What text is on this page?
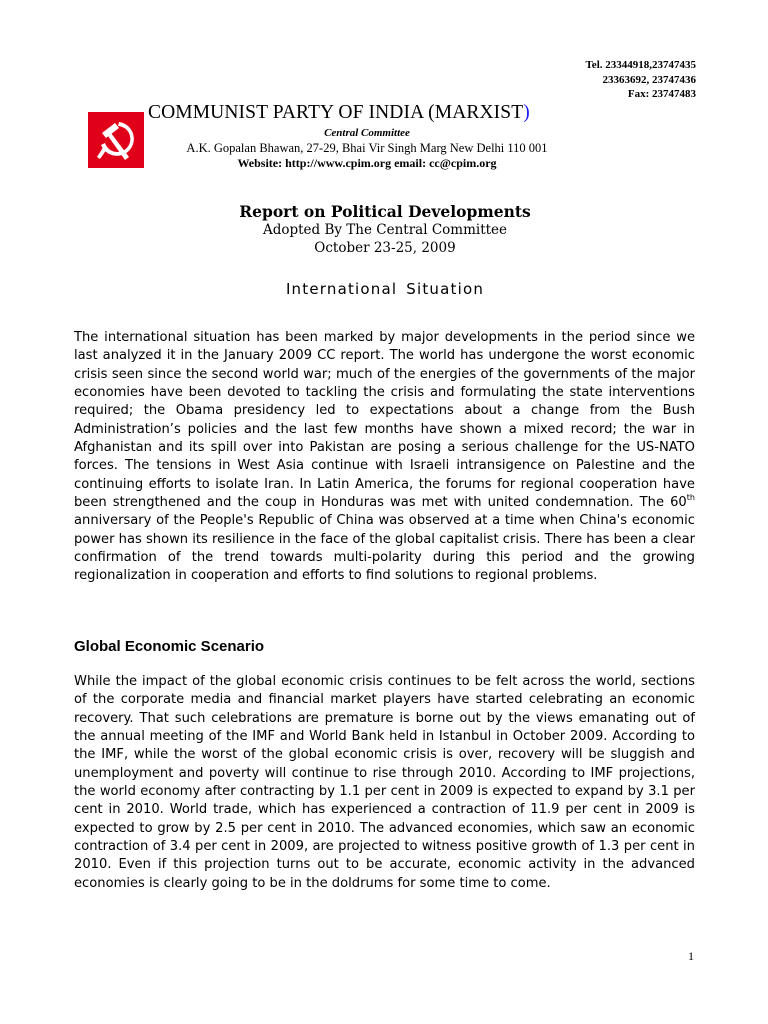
Tel. 23344918,23747435
23363692, 23747436
Fax: 23747483
COMMUNIST PARTY OF INDIA (MARXIST)
Central Committee
A.K. Gopalan Bhawan, 27-29, Bhai Vir Singh Marg New Delhi 110 001
Website: http://www.cpim.org email: cc@cpim.org
Report on Political Developments
Adopted By The Central Committee
October 23-25, 2009
International Situation

The international situation has been marked by major developments in the period since we last analyzed it in the January 2009 CC report. The world has undergone the worst economic crisis seen since the second world war; much of the energies of the governments of the major economies have been devoted to tackling the crisis and formulating the state interventions required; the Obama presidency led to expectations about a change from the Bush Administration’s policies and the last few months have shown a mixed record; the war in Afghanistan and its spill over into Pakistan are posing a serious challenge for the US-NATO forces. The tensions in West Asia continue with Israeli intransigence on Palestine and the continuing efforts to isolate Iran. In Latin America, the forums for regional cooperation have been strengthened and the coup in Honduras was met with united condemnation. The 60th anniversary of the People's Republic of China was observed at a time when China's economic power has shown its resilience in the face of the global capitalist crisis. There has been a clear confirmation of the trend towards multi-polarity during this period and the growing regionalization in cooperation and efforts to find solutions to regional problems.

Global Economic Scenario

While the impact of the global economic crisis continues to be felt across the world, sections of the corporate media and financial market players have started celebrating an economic recovery. That such celebrations are premature is borne out by the views emanating out of the annual meeting of the IMF and World Bank held in Istanbul in October 2009. According to the IMF, while the worst of the global economic crisis is over, recovery will be sluggish and unemployment and poverty will continue to rise through 2010. According to IMF projections, the world economy after contracting by 1.1 per cent in 2009 is expected to expand by 3.1 per cent in 2010. World trade, which has experienced a contraction of 11.9 per cent in 2009 is expected to grow by 2.5 per cent in 2010. The advanced economies, which saw an economic contraction of 3.4 per cent in 2009, are projected to witness positive growth of 1.3 per cent in 2010. Even if this projection turns out to be accurate, economic activity in the advanced economies is clearly going to be in the doldrums for some time to come.

1
